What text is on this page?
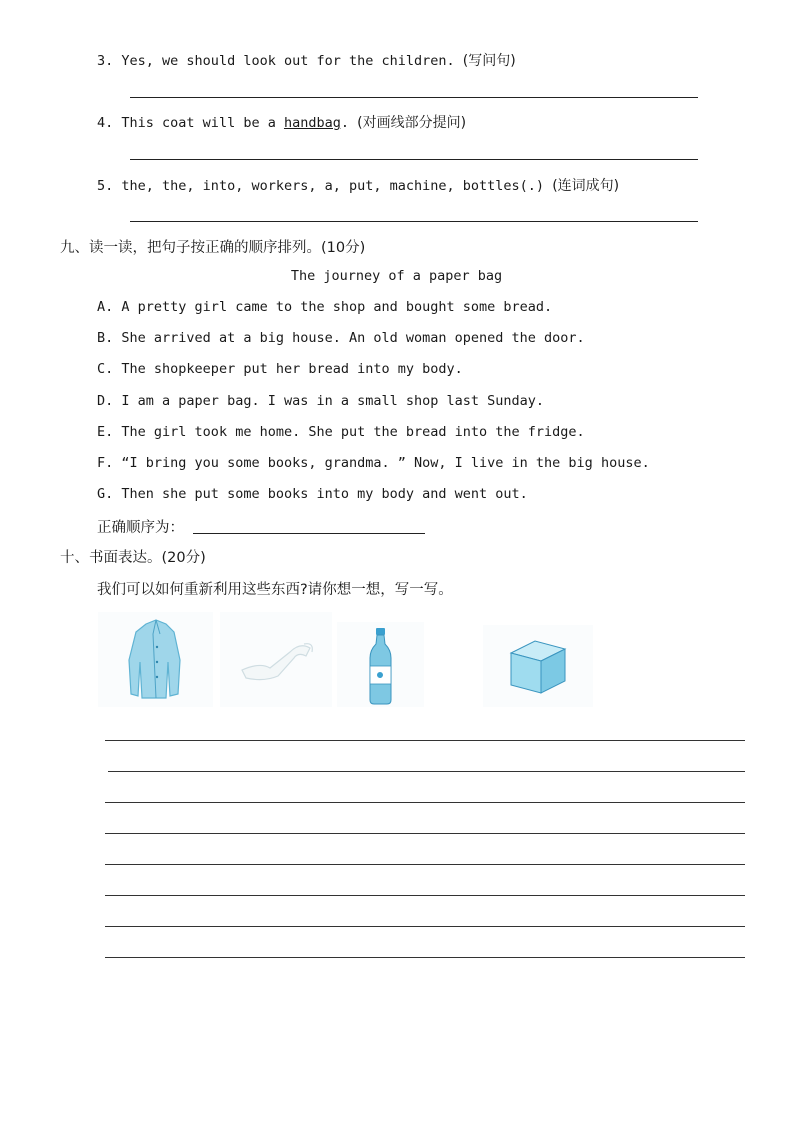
3. Yes, we should look out for the children. (写问句)
4. This coat will be a handbag. (对画线部分提问)
5. the, the, into, workers, a, put, machine, bottles(.) (连词成句)
九、读一读，把句子按正确的顺序排列。(10分)
The journey of a paper bag
A. A pretty girl came to the shop and bought some bread.
B. She arrived at a big house. An old woman opened the door.
C. The shopkeeper put her bread into my body.
D. I am a paper bag. I was in a small shop last Sunday.
E. The girl took me home. She put the bread into the fridge.
F. “I bring you some books, grandma. ” Now, I live in the big house.
G. Then she put some books into my body and went out.
正确顺序为：
十、书面表达。(20分)
我们可以如何重新利用这些东西?请你想一想，写一写。
